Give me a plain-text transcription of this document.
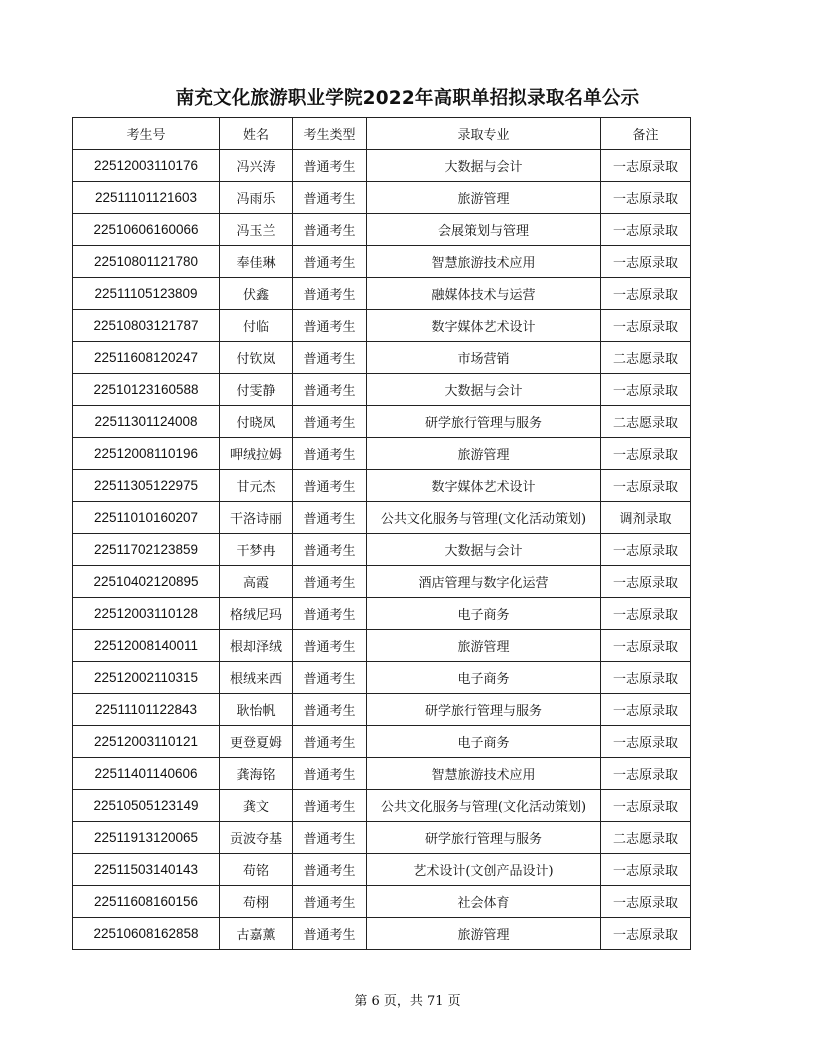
南充文化旅游职业学院2022年高职单招拟录取名单公示
考生号	姓名	考生类型	录取专业	备注
22512003110176	冯兴涛	普通考生	大数据与会计	一志原录取
22511101121603	冯雨乐	普通考生	旅游管理	一志原录取
22510606160066	冯玉兰	普通考生	会展策划与管理	一志原录取
22510801121780	奉佳琳	普通考生	智慧旅游技术应用	一志原录取
22511105123809	伏鑫	普通考生	融媒体技术与运营	一志原录取
22510803121787	付临	普通考生	数字媒体艺术设计	一志原录取
22511608120247	付钦岚	普通考生	市场营销	二志愿录取
22510123160588	付雯静	普通考生	大数据与会计	一志原录取
22511301124008	付晓凤	普通考生	研学旅行管理与服务	二志愿录取
22512008110196	呷绒拉姆	普通考生	旅游管理	一志原录取
22511305122975	甘元杰	普通考生	数字媒体艺术设计	一志原录取
22511010160207	干洛诗丽	普通考生	公共文化服务与管理(文化活动策划)	调剂录取
22511702123859	干梦冉	普通考生	大数据与会计	一志原录取
22510402120895	高霞	普通考生	酒店管理与数字化运营	一志原录取
22512003110128	格绒尼玛	普通考生	电子商务	一志原录取
22512008140011	根却泽绒	普通考生	旅游管理	一志原录取
22512002110315	根绒来西	普通考生	电子商务	一志原录取
22511101122843	耿怡帆	普通考生	研学旅行管理与服务	一志原录取
22512003110121	更登夏姆	普通考生	电子商务	一志原录取
22511401140606	龚海铭	普通考生	智慧旅游技术应用	一志原录取
22510505123149	龚文	普通考生	公共文化服务与管理(文化活动策划)	一志原录取
22511913120065	贡波夺基	普通考生	研学旅行管理与服务	二志愿录取
22511503140143	苟铭	普通考生	艺术设计(文创产品设计)	一志原录取
22511608160156	苟栩	普通考生	社会体育	一志原录取
22510608162858	古嘉薰	普通考生	旅游管理	一志原录取
第 6 页，共 71 页
